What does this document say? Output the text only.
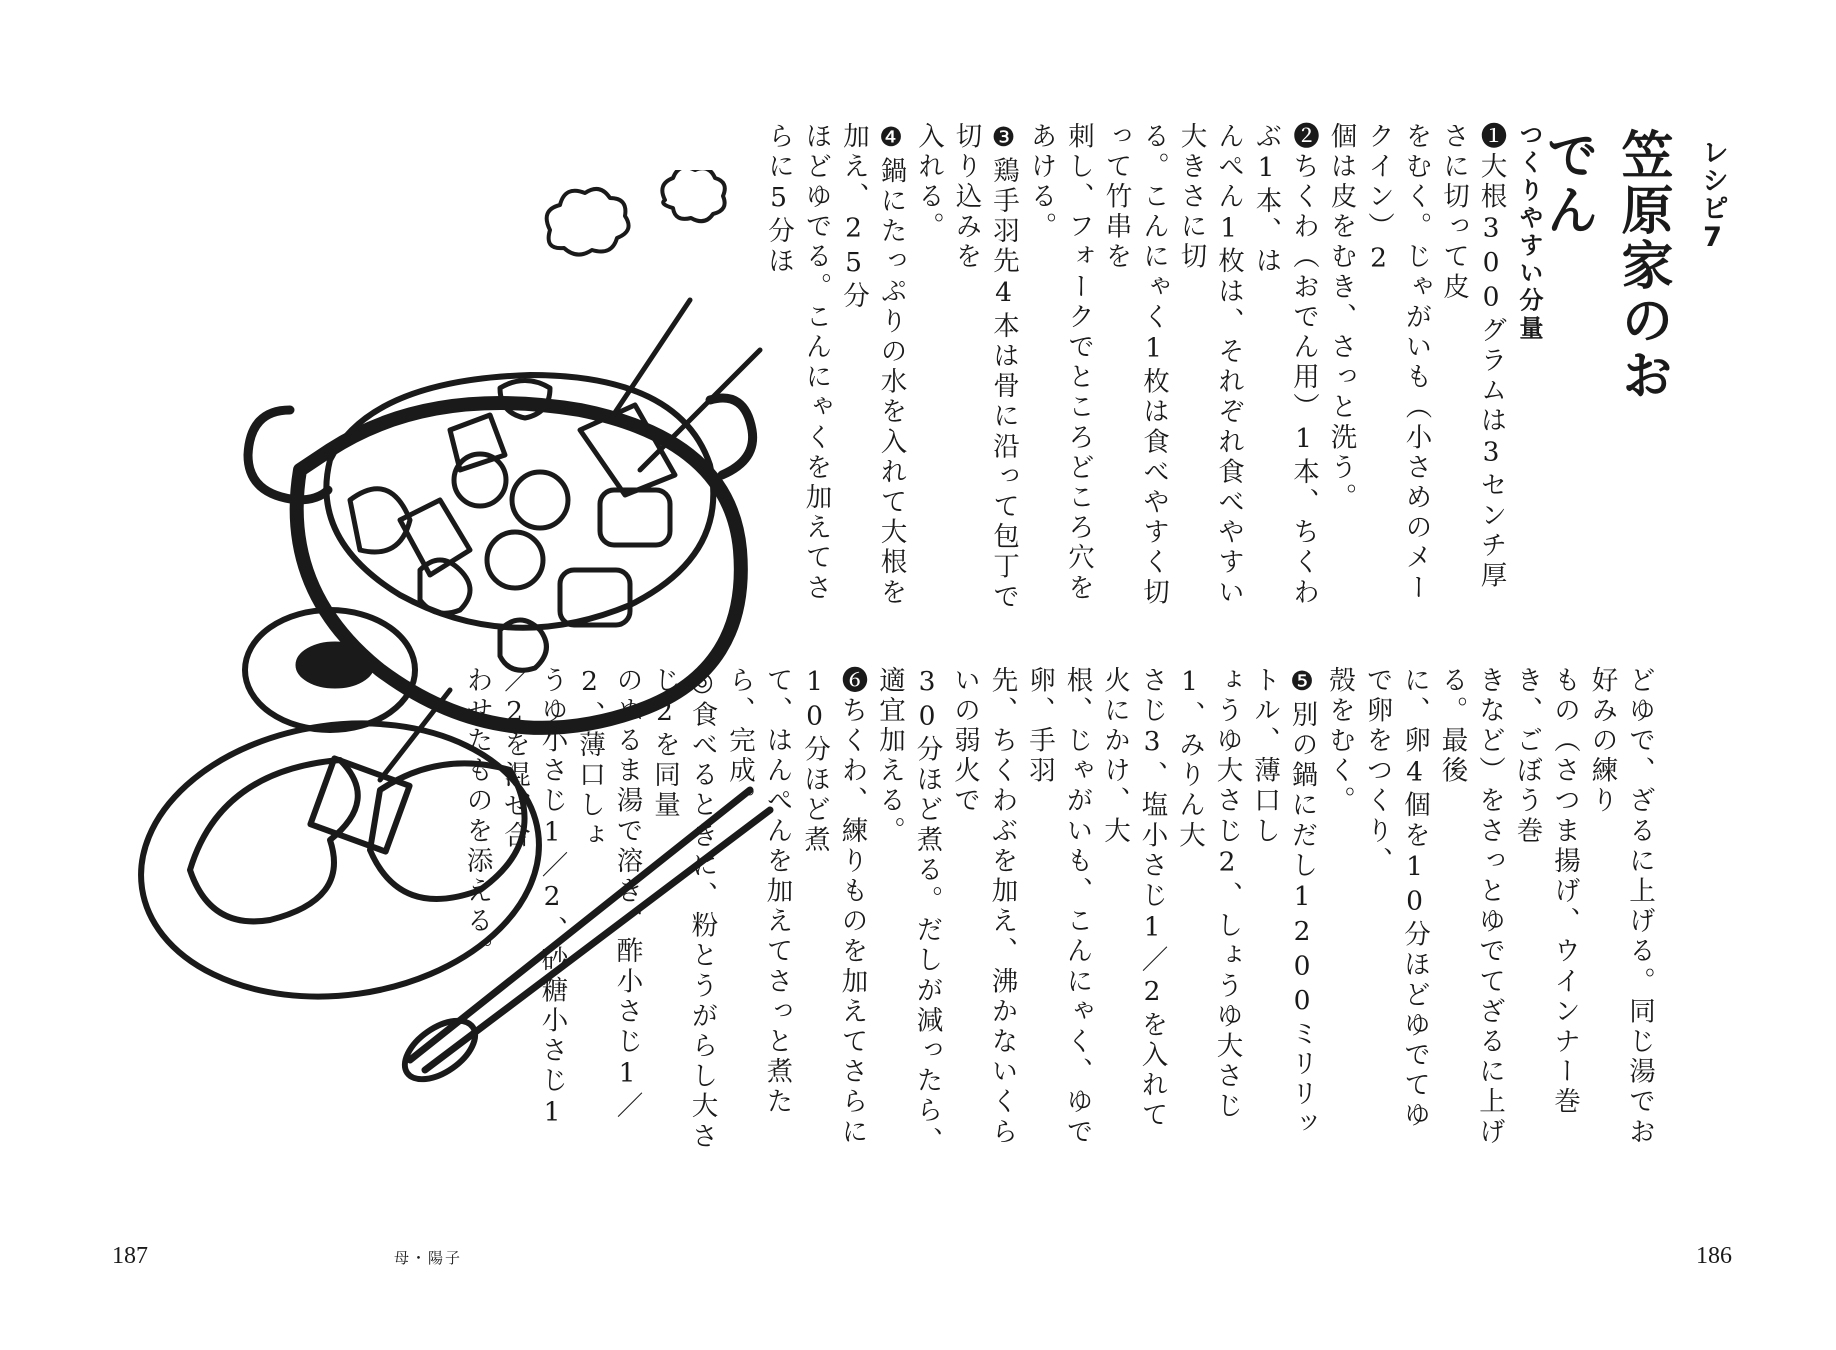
レシピ7
笠原家のおでん
つくりやすい分量
❶大根300グラムは3センチ厚さに切って皮
をむく。じゃがいも（小さめのメークイン）2
個は皮をむき、さっと洗う。
❷ちくわ（おでん用）1本、ちくわぶ1本、は
んぺん1枚は、それぞれ食べやすい大きさに切
る。こんにゃく1枚は食べやすく切って竹串を
刺し、フォークでところどころ穴をあける。
❸鶏手羽先4本は骨に沿って包丁で切り込みを
入れる。
❹鍋にたっぷりの水を入れて大根を加え、25分
ほどゆでる。こんにゃくを加えてさらに5分ほ
どゆで、ざるに上げる。同じ湯でお好みの練り
もの（さつま揚げ、ウインナー巻き、ごぼう巻
きなど）をさっとゆでてざるに上げる。最後
に、卵4個を10分ほどゆでてゆで卵をつくり、
殻をむく。
❺別の鍋にだし1200ミリリットル、薄口し
ょうゆ大さじ2、しょうゆ大さじ1、みりん大
さじ3、塩小さじ1／2を入れて火にかけ、大
根、じゃがいも、こんにゃく、ゆで卵、手羽
先、ちくわぶを加え、沸かないくらいの弱火で
30分ほど煮る。だしが減ったら、適宜加える。
❻ちくわ、練りものを加えてさらに10分ほど煮
て、はんぺんを加えてさっと煮たら、完成。
◎食べるときに、粉とうがらし大さじ2を同量
のぬるま湯で溶き、酢小さじ1／2、薄口しょ
うゆ小さじ1／2、砂糖小さじ1／2を混ぜ合
わせたものを添える。
187	母・陽子	186
